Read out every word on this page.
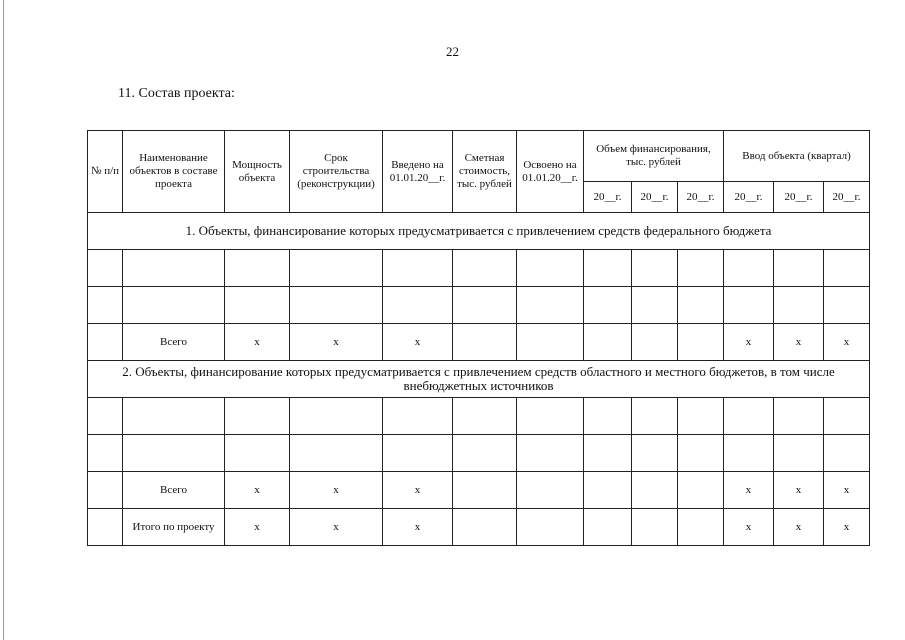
22
11. Состав проекта:
№ п/п	Наименование объектов в составе проекта	Мощность объекта	Срок строительства (реконструкции)	Введено на 01.01.20__г.	Сметная стоимость, тыс. рублей	Освоено на 01.01.20__г.	Объем финансирования, тыс. рублей			Ввод объекта (квартал)		
							20__г.	20__г.	20__г.	20__г.	20__г.	20__г.
1. Объекты, финансирование которых предусматривается с привлечением средств федерального бюджета												

	Всего	x	x	x						x	x	x
2. Объекты, финансирование которых предусматривается с привлечением средств областного и местного бюджетов, в том числе внебюджетных источников												

	Всего	x	x	x						x	x	x
	Итого по проекту	x	x	x						x	x	x
